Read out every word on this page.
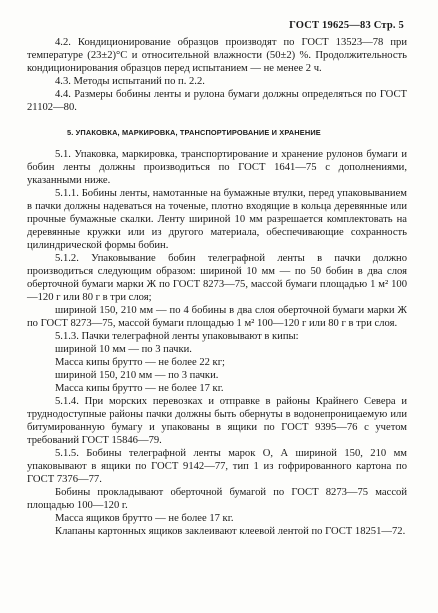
ГОСТ 19625—83 Стр. 5

4.2. Кондиционирование образцов производят по ГОСТ 13523—78 при температуре (23±2)°С и относительной влажности (50±2) %. Продолжительность кондиционирования образцов перед испытанием — не менее 2 ч.

4.3. Методы испытаний по п. 2.2.

4.4. Размеры бобины ленты и рулона бумаги должны определяться по ГОСТ 21102—80.

5. УПАКОВКА, МАРКИРОВКА, ТРАНСПОРТИРОВАНИЕ И ХРАНЕНИЕ

5.1. Упаковка, маркировка, транспортирование и хранение рулонов бумаги и бобин ленты должны производиться по ГОСТ 1641—75 с дополнениями, указанными ниже.

5.1.1. Бобины ленты, намотанные на бумажные втулки, перед упаковыванием в пачки должны надеваться на точеные, плотно входящие в кольца деревянные или прочные бумажные скалки. Ленту шириной 10 мм разрешается комплектовать на деревянные кружки или из другого материала, обеспечивающие сохранность цилиндрической формы бобин.

5.1.2. Упаковывание бобин телеграфной ленты в пачки должно производиться следующим образом: шириной 10 мм — по 50 бобин в два слоя оберточной бумаги марки Ж по ГОСТ 8273—75, массой бумаги площадью 1 м² 100—120 г или 80 г в три слоя;

шириной 150, 210 мм — по 4 бобины в два слоя оберточной бумаги марки Ж по ГОСТ 8273—75, массой бумаги площадью 1 м² 100—120 г или 80 г в три слоя.

5.1.3. Пачки телеграфной ленты упаковывают в кипы:

шириной 10 мм — по 3 пачки.

Масса кипы брутто — не более 22 кг;

шириной 150, 210 мм — по 3 пачки.

Масса кипы брутто — не более 17 кг.

5.1.4. При морских перевозках и отправке в районы Крайнего Севера и труднодоступные районы пачки должны быть обернуты в водонепроницаемую или битумированную бумагу и упакованы в ящики по ГОСТ 9395—76 с учетом требований ГОСТ 15846—79.

5.1.5. Бобины телеграфной ленты марок О, А шириной 150, 210 мм упаковывают в ящики по ГОСТ 9142—77, тип 1 из гофрированного картона по ГОСТ 7376—77.

Бобины прокладывают оберточной бумагой по ГОСТ 8273—75 массой площадью 100—120 г.

Масса ящиков брутто — не более 17 кг.

Клапаны картонных ящиков заклеивают клеевой лентой по ГОСТ 18251—72.
